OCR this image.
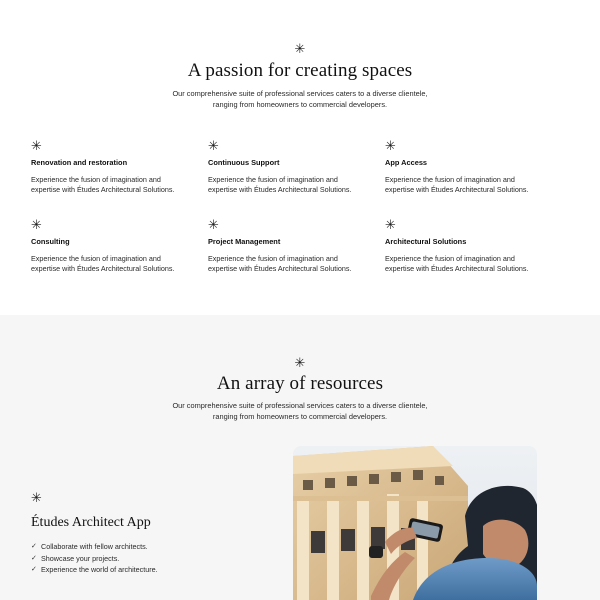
✳
A passion for creating spaces
Our comprehensive suite of professional services caters to a diverse clientele,
ranging from homeowners to commercial developers.
✳
Renovation and restoration
Experience the fusion of imagination and
expertise with Études Architectural Solutions.
✳
Continuous Support
Experience the fusion of imagination and
expertise with Études Architectural Solutions.
✳
App Access
Experience the fusion of imagination and
expertise with Études Architectural Solutions.
✳
Consulting
Experience the fusion of imagination and
expertise with Études Architectural Solutions.
✳
Project Management
Experience the fusion of imagination and
expertise with Études Architectural Solutions.
✳
Architectural Solutions
Experience the fusion of imagination and
expertise with Études Architectural Solutions.
✳
An array of resources
Our comprehensive suite of professional services caters to a diverse clientele,
ranging from homeowners to commercial developers.
✳
Études Architect App
✓ Collaborate with fellow architects.
✓ Showcase your projects.
✓ Experience the world of architecture.
